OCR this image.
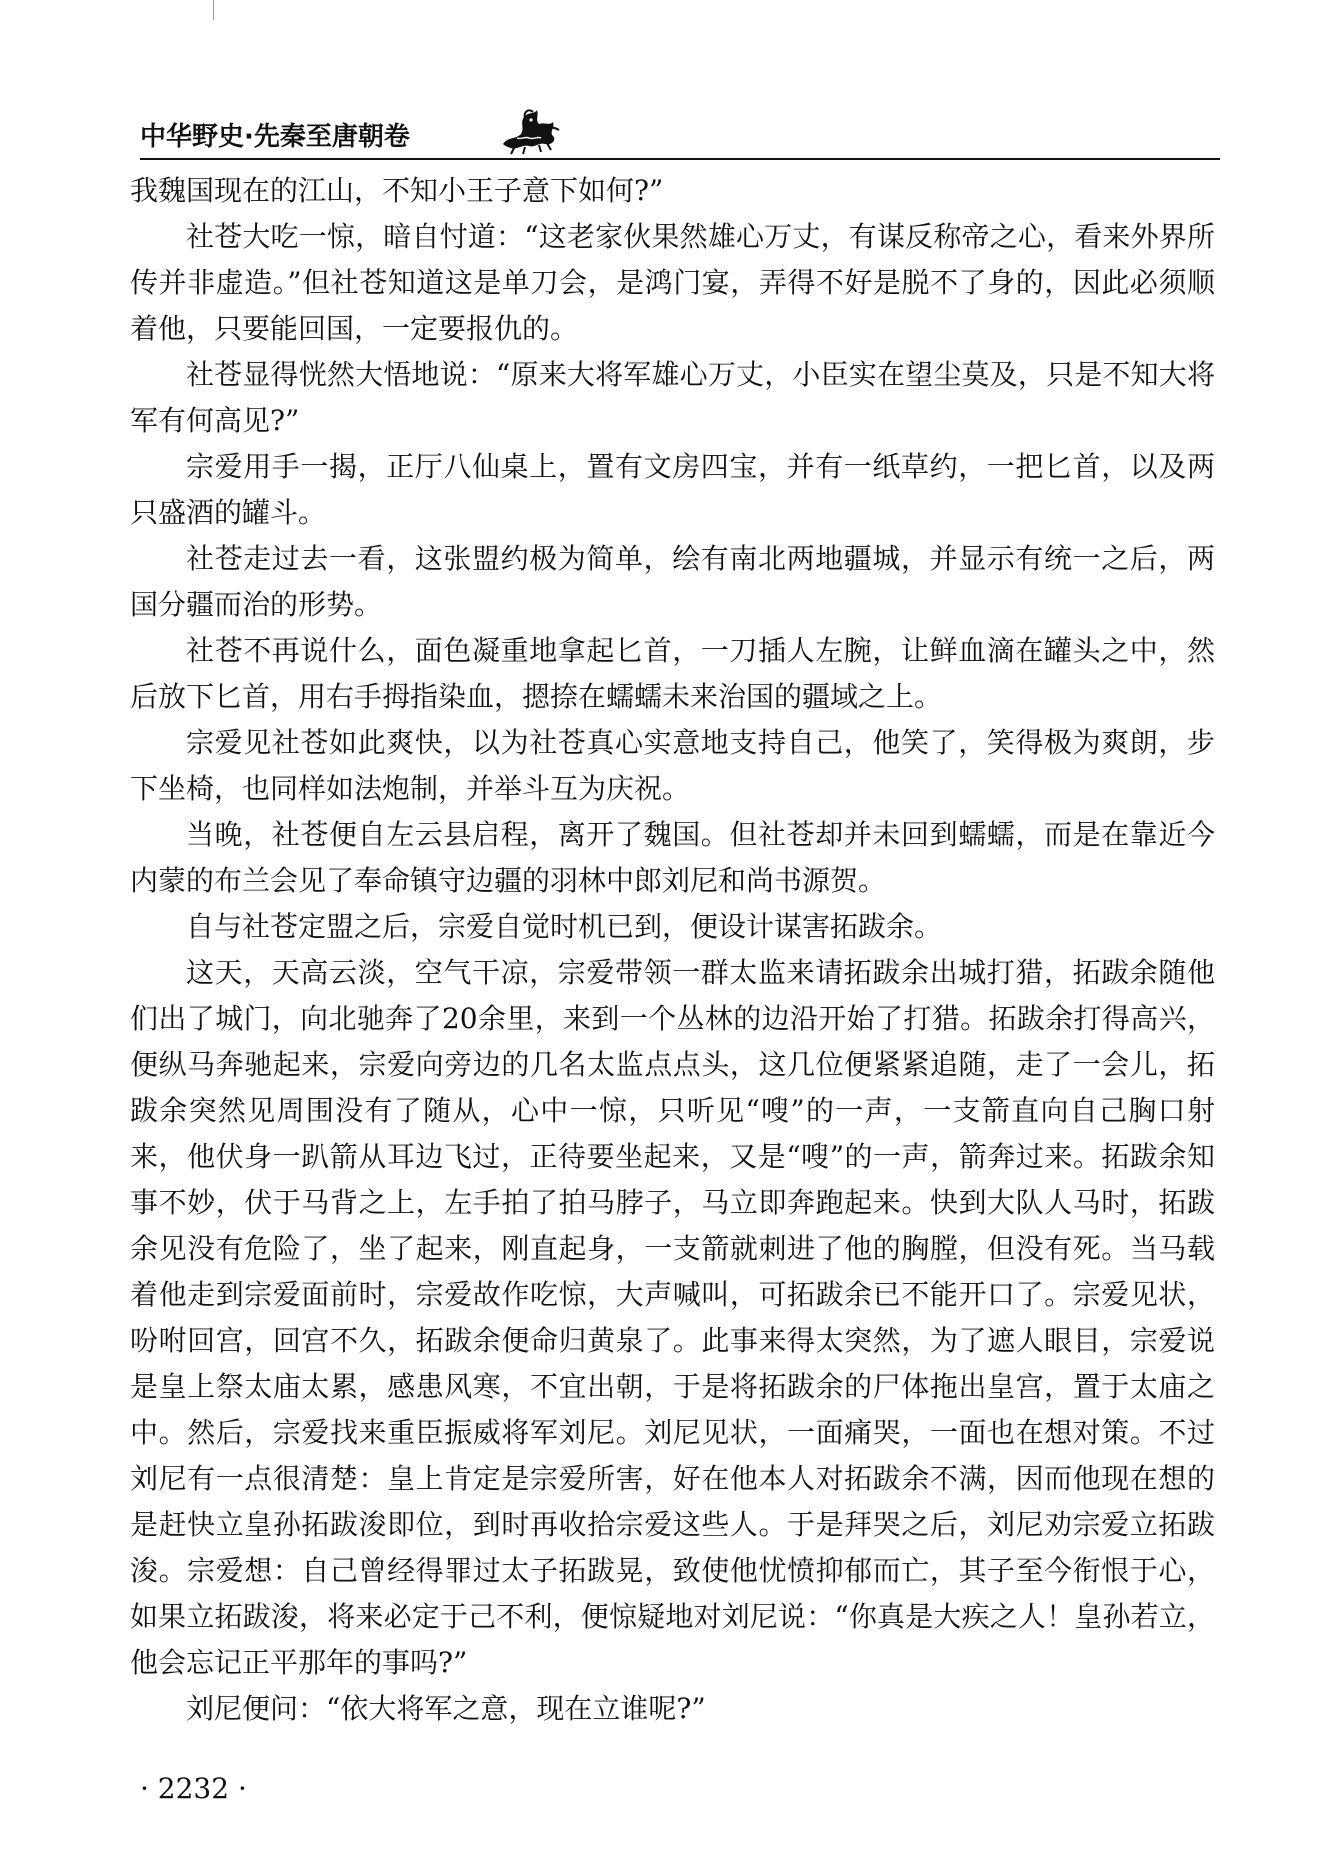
中华野史·先秦至唐朝卷

我魏国现在的江山，不知小王子意下如何?”

社苍大吃一惊，暗自忖道：“这老家伙果然雄心万丈，有谋反称帝之心，看来外界所传并非虚造。”但社苍知道这是单刀会，是鸿门宴，弄得不好是脱不了身的，因此必须顺着他，只要能回国，一定要报仇的。

社苍显得恍然大悟地说：“原来大将军雄心万丈，小臣实在望尘莫及，只是不知大将军有何高见?”

宗爱用手一揭，正厅八仙桌上，置有文房四宝，并有一纸草约，一把匕首，以及两只盛酒的罐斗。

社苍走过去一看，这张盟约极为简单，绘有南北两地疆城，并显示有统一之后，两国分疆而治的形势。

社苍不再说什么，面色凝重地拿起匕首，一刀插人左腕，让鲜血滴在罐头之中，然后放下匕首，用右手拇指染血，摁捺在蠕蠕未来治国的疆域之上。

宗爱见社苍如此爽快，以为社苍真心实意地支持自己，他笑了，笑得极为爽朗，步下坐椅，也同样如法炮制，并举斗互为庆祝。

当晚，社苍便自左云县启程，离开了魏国。但社苍却并未回到蠕蠕，而是在靠近今内蒙的布兰会见了奉命镇守边疆的羽林中郎刘尼和尚书源贺。

自与社苍定盟之后，宗爱自觉时机已到，便设计谋害拓跋余。

这天，天高云淡，空气干凉，宗爱带领一群太监来请拓跋余出城打猎，拓跋余随他们出了城门，向北驰奔了20余里，来到一个丛林的边沿开始了打猎。拓跋余打得高兴，便纵马奔驰起来，宗爱向旁边的几名太监点点头，这几位便紧紧追随，走了一会儿，拓跋余突然见周围没有了随从，心中一惊，只听见“嗖”的一声，一支箭直向自己胸口射来，他伏身一趴箭从耳边飞过，正待要坐起来，又是“嗖”的一声，箭奔过来。拓跋余知事不妙，伏于马背之上，左手拍了拍马脖子，马立即奔跑起来。快到大队人马时，拓跋余见没有危险了，坐了起来，刚直起身，一支箭就刺进了他的胸膛，但没有死。当马载着他走到宗爱面前时，宗爱故作吃惊，大声喊叫，可拓跋余已不能开口了。宗爱见状，吩咐回宫，回宫不久，拓跋余便命归黄泉了。此事来得太突然，为了遮人眼目，宗爱说是皇上祭太庙太累，感患风寒，不宜出朝，于是将拓跋余的尸体拖出皇宫，置于太庙之中。然后，宗爱找来重臣振威将军刘尼。刘尼见状，一面痛哭，一面也在想对策。不过刘尼有一点很清楚：皇上肯定是宗爱所害，好在他本人对拓跋余不满，因而他现在想的是赶快立皇孙拓跋浚即位，到时再收拾宗爱这些人。于是拜哭之后，刘尼劝宗爱立拓跋浚。宗爱想：自己曾经得罪过太子拓跋晃，致使他忧愤抑郁而亡，其子至今衔恨于心，如果立拓跋浚，将来必定于己不利，便惊疑地对刘尼说：“你真是大疾之人！皇孙若立，他会忘记正平那年的事吗?”

刘尼便问：“依大将军之意，现在立谁呢?”

· 2232 ·
